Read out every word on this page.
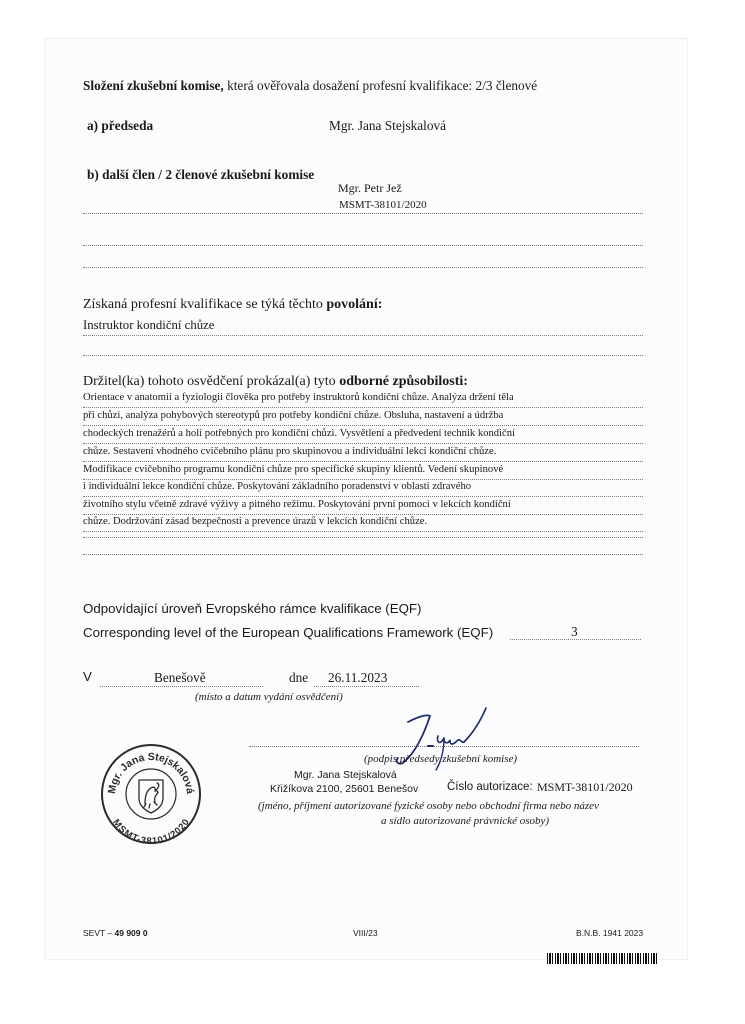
Složení zkušební komise, která ověřovala dosažení profesní kvalifikace: 2/3 členové
a) předseda	Mgr. Jana Stejskalová
b) další člen / 2 členové zkušební komise
Mgr. Petr Jež
MSMT-38101/2020
Získaná profesní kvalifikace se týká těchto povolání:
Instruktor kondiční chůze
Držitel(ka) tohoto osvědčení prokázal(a) tyto odborné způsobilosti:
Orientace v anatomii a fyziologii člověka pro potřeby instruktorů kondiční chůze. Analýza držení těla
při chůzi, analýza pohybových stereotypů pro potřeby kondiční chůze. Obsluha, nastavení a údržba
chodeckých trenažérů a holí potřebných pro kondiční chůzi. Vysvětlení a předvedení technik kondiční
chůze. Sestavení vhodného cvičebního plánu pro skupinovou a individuální lekci kondiční chůze.
Modifikace cvičebního programu kondiční chůze pro specifické skupiny klientů. Vedení skupinové
i individuální lekce kondiční chůze. Poskytování základního poradenství v oblasti zdravého
životního stylu včetně zdravé výživy a pitného režimu. Poskytování první pomoci v lekcích kondiční
chůze. Dodržování zásad bezpečnosti a prevence úrazů v lekcích kondiční chůze.
Odpovídající úroveň Evropského rámce kvalifikace (EQF)
Corresponding level of the European Qualifications Framework (EQF)	3
V	Benešově	dne 26.11.2023
(místo a datum vydání osvědčení)
(podpis předsedy zkušební komise)
Mgr. Jana Stejskalová
Křižíkova 2100, 25601 Benešov Číslo autorizace: MSMT-38101/2020
(jméno, příjmení autorizované fyzické osoby nebo obchodní firma nebo název
a sídlo autorizované právnické osoby)
Mgr. Jana Stejskalová
MSMT-38101/2020
SEVT – 49 909 0	VIII/23	B.N.B. 1941 2023
